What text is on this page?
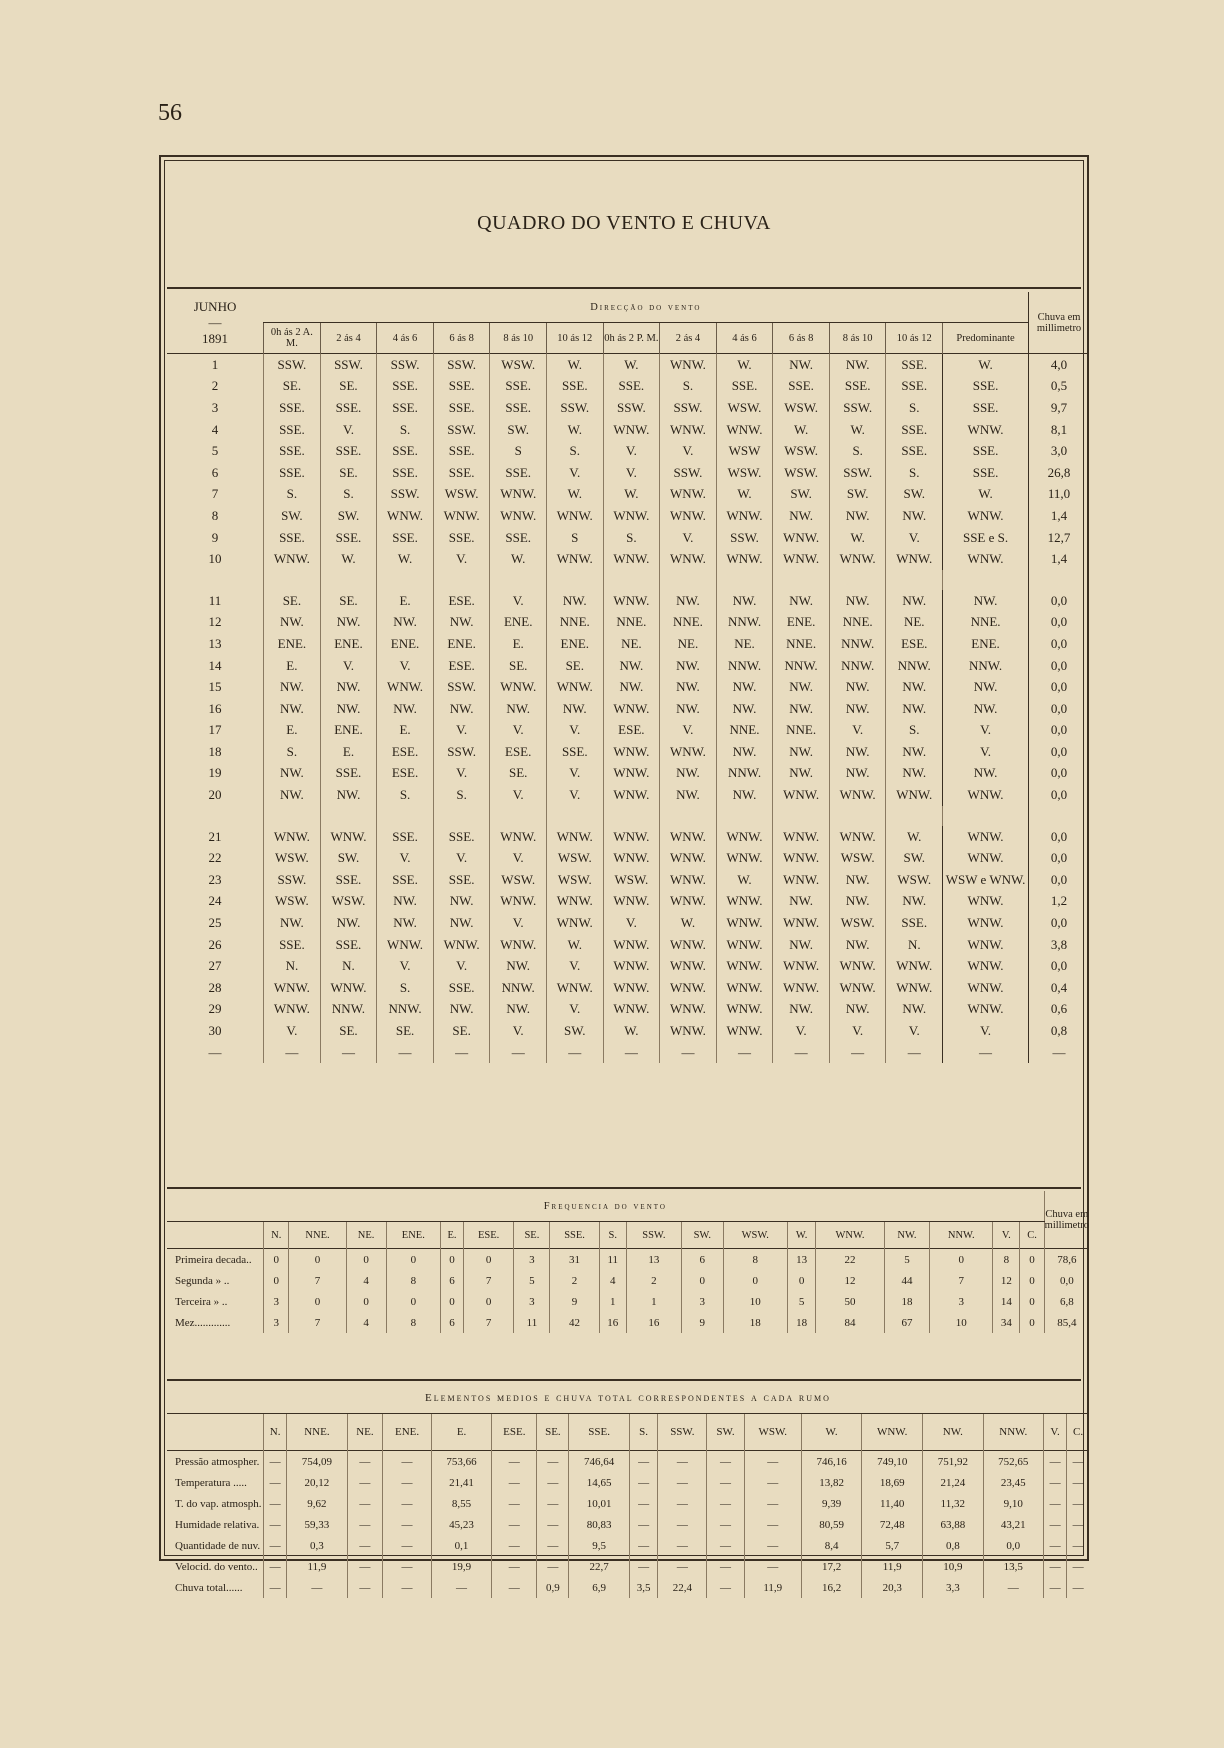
56
QUADRO DO VENTO E CHUVA
JUNHO
—
1891	Direcção do vento													Chuva em millimetro
	0h ás 2 A. M.	2 ás 4	4 ás 6	6 ás 8	8 ás 10	10 ás 12	0h ás 2 P. M.	2 ás 4	4 ás 6	6 ás 8	8 ás 10	10 ás 12	Predominante	
1	SSW.	SSW.	SSW.	SSW.	WSW.	W.	W.	WNW.	W.	NW.	NW.	SSE.	W.	4,0
2	SE.	SE.	SSE.	SSE.	SSE.	SSE.	SSE.	S.	SSE.	SSE.	SSE.	SSE.	SSE.	0,5
3	SSE.	SSE.	SSE.	SSE.	SSE.	SSW.	SSW.	SSW.	WSW.	WSW.	SSW.	S.	SSE.	9,7
4	SSE.	V.	S.	SSW.	SW.	W.	WNW.	WNW.	WNW.	W.	W.	SSE.	WNW.	8,1
5	SSE.	SSE.	SSE.	SSE.	S	S.	V.	V.	WSW	WSW.	S.	SSE.	SSE.	3,0
6	SSE.	SE.	SSE.	SSE.	SSE.	V.	V.	SSW.	WSW.	WSW.	SSW.	S.	SSE.	26,8
7	S.	S.	SSW.	WSW.	WNW.	W.	W.	WNW.	W.	SW.	SW.	SW.	W.	11,0
8	SW.	SW.	WNW.	WNW.	WNW.	WNW.	WNW.	WNW.	WNW.	NW.	NW.	NW.	WNW.	1,4
9	SSE.	SSE.	SSE.	SSE.	SSE.	S	S.	V.	SSW.	WNW.	W.	V.	SSE e S.	12,7
10	WNW.	W.	W.	V.	W.	WNW.	WNW.	WNW.	WNW.	WNW.	WNW.	WNW.	WNW.	1,4

11	SE.	SE.	E.	ESE.	V.	NW.	WNW.	NW.	NW.	NW.	NW.	NW.	NW.	0,0
12	NW.	NW.	NW.	NW.	ENE.	NNE.	NNE.	NNE.	NNW.	ENE.	NNE.	NE.	NNE.	0,0
13	ENE.	ENE.	ENE.	ENE.	E.	ENE.	NE.	NE.	NE.	NNE.	NNW.	ESE.	ENE.	0,0
14	E.	V.	V.	ESE.	SE.	SE.	NW.	NW.	NNW.	NNW.	NNW.	NNW.	NNW.	0,0
15	NW.	NW.	WNW.	SSW.	WNW.	WNW.	NW.	NW.	NW.	NW.	NW.	NW.	NW.	0,0
16	NW.	NW.	NW.	NW.	NW.	NW.	WNW.	NW.	NW.	NW.	NW.	NW.	NW.	0,0
17	E.	ENE.	E.	V.	V.	V.	ESE.	V.	NNE.	NNE.	V.	S.	V.	0,0
18	S.	E.	ESE.	SSW.	ESE.	SSE.	WNW.	WNW.	NW.	NW.	NW.	NW.	V.	0,0
19	NW.	SSE.	ESE.	V.	SE.	V.	WNW.	NW.	NNW.	NW.	NW.	NW.	NW.	0,0
20	NW.	NW.	S.	S.	V.	V.	WNW.	NW.	NW.	WNW.	WNW.	WNW.	WNW.	0,0

21	WNW.	WNW.	SSE.	SSE.	WNW.	WNW.	WNW.	WNW.	WNW.	WNW.	WNW.	W.	WNW.	0,0
22	WSW.	SW.	V.	V.	V.	WSW.	WNW.	WNW.	WNW.	WNW.	WSW.	SW.	WNW.	0,0
23	SSW.	SSE.	SSE.	SSE.	WSW.	WSW.	WSW.	WNW.	W.	WNW.	NW.	WSW.	WSW e WNW.	0,0
24	WSW.	WSW.	NW.	NW.	WNW.	WNW.	WNW.	WNW.	WNW.	NW.	NW.	NW.	WNW.	1,2
25	NW.	NW.	NW.	NW.	V.	WNW.	V.	W.	WNW.	WNW.	WSW.	SSE.	WNW.	0,0
26	SSE.	SSE.	WNW.	WNW.	WNW.	W.	WNW.	WNW.	WNW.	NW.	NW.	N.	WNW.	3,8
27	N.	N.	V.	V.	NW.	V.	WNW.	WNW.	WNW.	WNW.	WNW.	WNW.	WNW.	0,0
28	WNW.	WNW.	S.	SSE.	NNW.	WNW.	WNW.	WNW.	WNW.	WNW.	WNW.	WNW.	WNW.	0,4
29	WNW.	NNW.	NNW.	NW.	NW.	V.	WNW.	WNW.	WNW.	NW.	NW.	NW.	WNW.	0,6
30	V.	SE.	SE.	SE.	V.	SW.	W.	WNW.	WNW.	V.	V.	V.	V.	0,8
—	—	—	—	—	—	—	—	—	—	—	—	—	—	—
Frequencia do vento																			Chuva em millimetro
	N.	NNE.	NE.	ENE.	E.	ESE.	SE.	SSE.	S.	SSW.	SW.	WSW.	W.	WNW.	NW.	NNW.	V.	C.	
Primeira decada..	0	0	0	0	0	0	3	31	11	13	6	8	13	22	5	0	8	0	78,6
Segunda » ..	0	7	4	8	6	7	5	2	4	2	0	0	0	12	44	7	12	0	0,0
Terceira » ..	3	0	0	0	0	0	3	9	1	1	3	10	5	50	18	3	14	0	6,8
Mez.............	3	7	4	8	6	7	11	42	16	16	9	18	18	84	67	10	34	0	85,4
Elementos medios e chuva total correspondentes a cada rumo																		
	N.	NNE.	NE.	ENE.	E.	ESE.	SE.	SSE.	S.	SSW.	SW.	WSW.	W.	WNW.	NW.	NNW.	V.	C.
Pressão atmospher.	—	754,09	—	—	753,66	—	—	746,64	—	—	—	—	746,16	749,10	751,92	752,65	—	—
Temperatura .....	—	20,12	—	—	21,41	—	—	14,65	—	—	—	—	13,82	18,69	21,24	23,45	—	—
T. do vap. atmosph.	—	9,62	—	—	8,55	—	—	10,01	—	—	—	—	9,39	11,40	11,32	9,10	—	—
Humidade relativa.	—	59,33	—	—	45,23	—	—	80,83	—	—	—	—	80,59	72,48	63,88	43,21	—	—
Quantidade de nuv.	—	0,3	—	—	0,1	—	—	9,5	—	—	—	—	8,4	5,7	0,8	0,0	—	—
Velocid. do vento..	—	11,9	—	—	19,9	—	—	22,7	—	—	—	—	17,2	11,9	10,9	13,5	—	—
Chuva total......	—	—	—	—	—	—	0,9	6,9	3,5	22,4	—	11,9	16,2	20,3	3,3	—	—	—
